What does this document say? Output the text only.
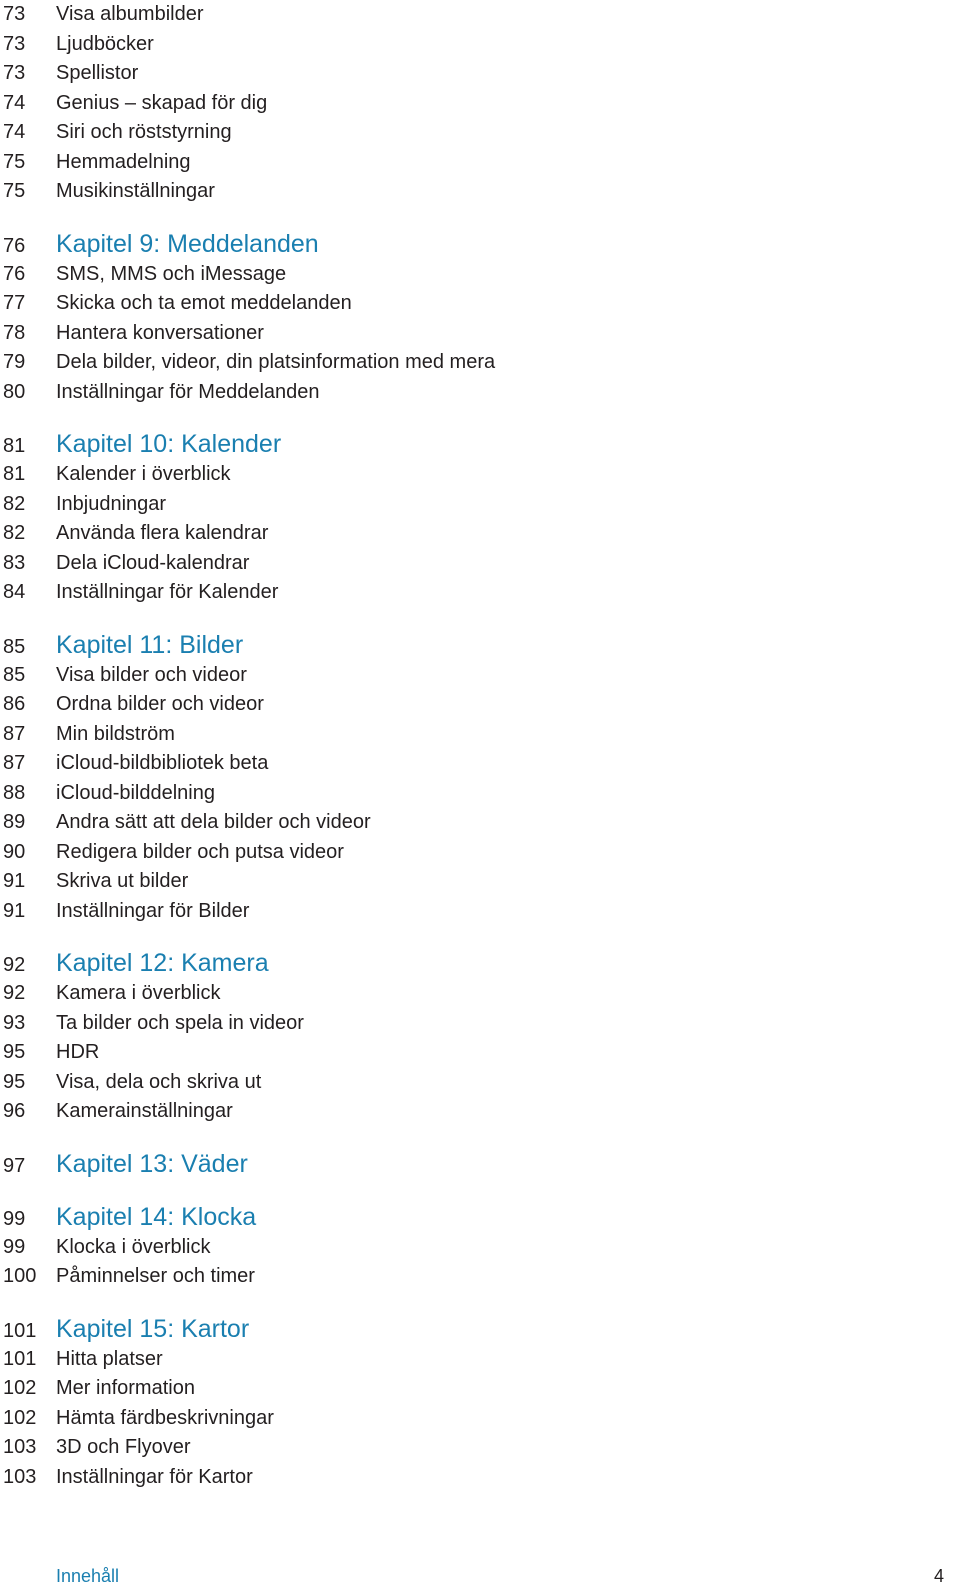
73	Visa albumbilder
73	Ljudböcker
73	Spellistor
74	Genius – skapad för dig
74	Siri och röststyrning
75	Hemmadelning
75	Musikinställningar
76	Kapitel 9: Meddelanden
76	SMS, MMS och iMessage
77	Skicka och ta emot meddelanden
78	Hantera konversationer
79	Dela bilder, videor, din platsinformation med mera
80	Inställningar för Meddelanden
81	Kapitel 10: Kalender
81	Kalender i överblick
82	Inbjudningar
82	Använda flera kalendrar
83	Dela iCloud-kalendrar
84	Inställningar för Kalender
85	Kapitel 11: Bilder
85	Visa bilder och videor
86	Ordna bilder och videor
87	Min bildström
87	iCloud-bildbibliotek beta
88	iCloud-bilddelning
89	Andra sätt att dela bilder och videor
90	Redigera bilder och putsa videor
91	Skriva ut bilder
91	Inställningar för Bilder
92	Kapitel 12: Kamera
92	Kamera i överblick
93	Ta bilder och spela in videor
95	HDR
95	Visa, dela och skriva ut
96	Kamerainställningar
97	Kapitel 13: Väder
99	Kapitel 14: Klocka
99	Klocka i överblick
100 Påminnelser och timer
101 Kapitel 15: Kartor
101 Hitta platser
102 Mer information
102 Hämta färdbeskrivningar
103 3D och Flyover
103 Inställningar för Kartor
Innehåll	4
